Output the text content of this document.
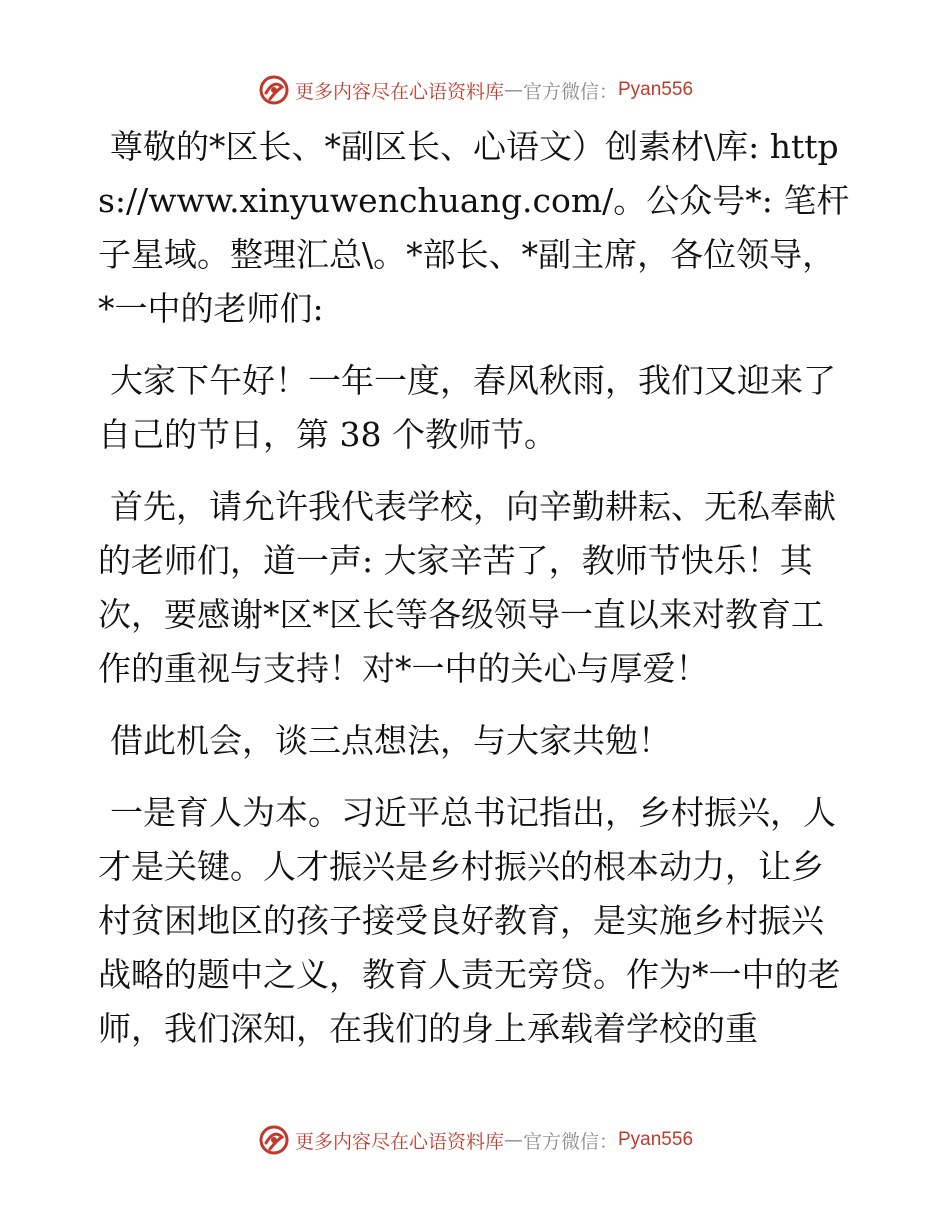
更多内容尽在心语资料库 — 官方微信： Pyan556

尊敬的*区长、*副区长、心语文）创素材\库: https://www.xinyuwenchuang.com/。公众号*: 笔杆子星域。整理汇总\。*部长、*副主席，各位领导，*一中的老师们:

大家下午好！一年一度，春风秋雨，我们又迎来了自己的节日，第 38 个教师节。

首先，请允许我代表学校，向辛勤耕耘、无私奉献的老师们，道一声: 大家辛苦了，教师节快乐！其次，要感谢*区*区长等各级领导一直以来对教育工作的重视与支持！对*一中的关心与厚爱！

借此机会，谈三点想法，与大家共勉！

一是育人为本。习近平总书记指出，乡村振兴，人才是关键。人才振兴是乡村振兴的根本动力，让乡村贫困地区的孩子接受良好教育，是实施乡村振兴战略的题中之义，教育人责无旁贷。作为*一中的老师，我们深知，在我们的身上承载着学校的重

更多内容尽在心语资料库 — 官方微信： Pyan556
